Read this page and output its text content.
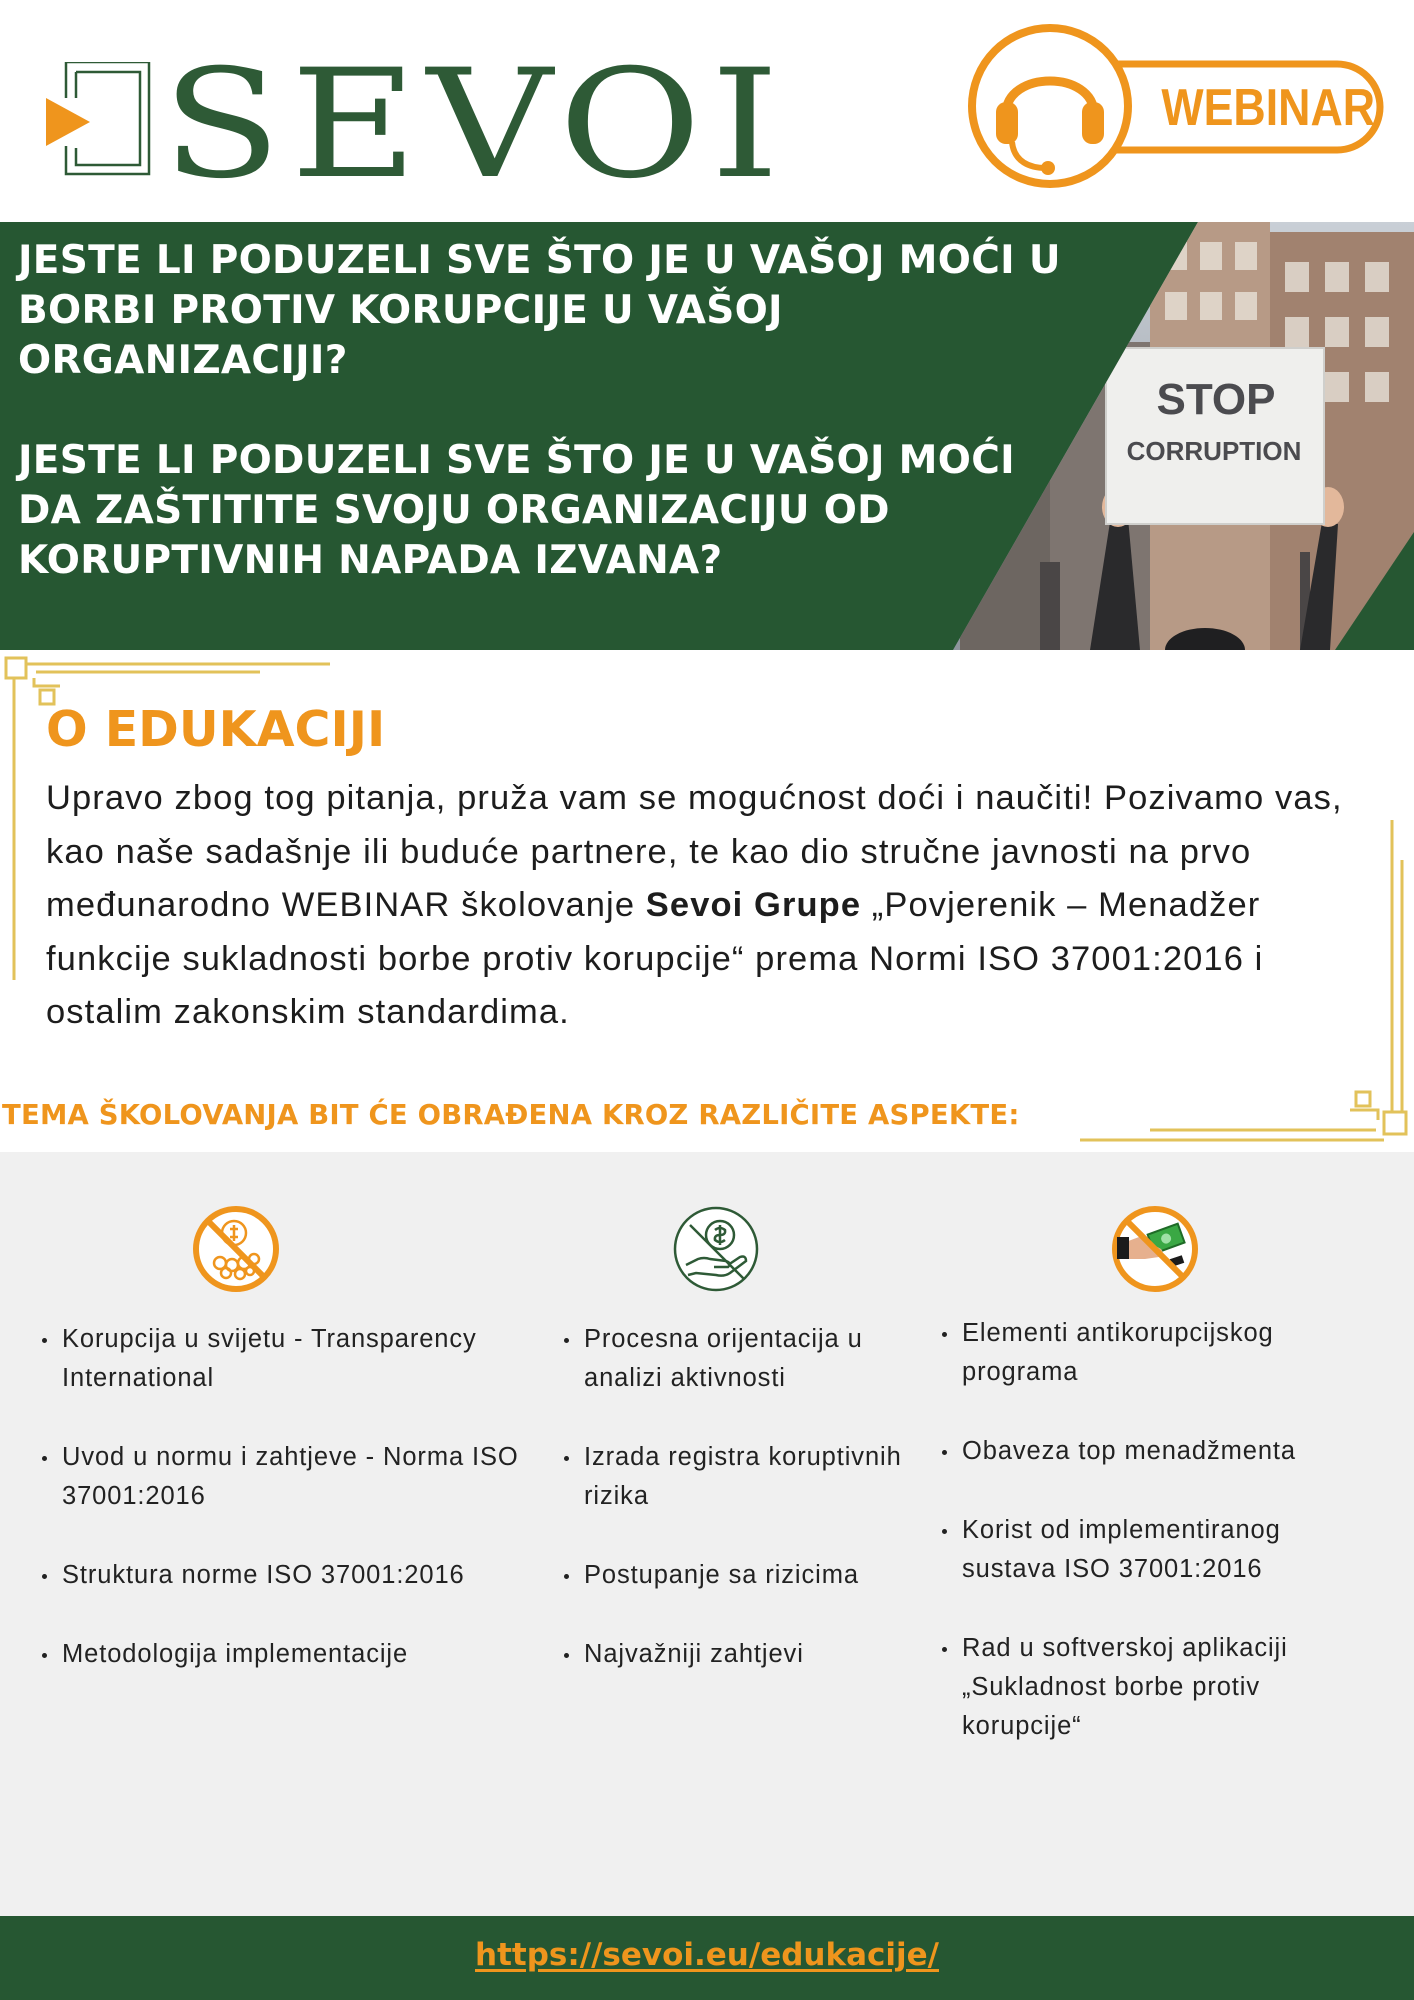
SEVOI	WEBINAR
STOP
CORRUPTION
JESTE LI PODUZELI SVE ŠTO JE U VAŠOJ MOĆI U BORBI PROTIV KORUPCIJE U VAŠOJ ORGANIZACIJI?
JESTE LI PODUZELI SVE ŠTO JE U VAŠOJ MOĆI DA ZAŠTITITE SVOJU ORGANIZACIJU OD KORUPTIVNIH NAPADA IZVANA?
O EDUKACIJI

Upravo zbog tog pitanja, pruža vam se mogućnost doći i naučiti! Pozivamo vas, kao naše sadašnje ili buduće partnere, te kao dio stručne javnosti na prvo međunarodno WEBINAR školovanje Sevoi Grupe „Povjerenik – Menadžer funkcije sukladnosti borbe protiv korupcije“ prema Normi ISO 37001:2016 i ostalim zakonskim standardima.

TEMA ŠKOLOVANJA BIT ĆE OBRAĐENA KROZ RAZLIČITE ASPEKTE:
Korupcija u svijetu - Transparency International
Uvod u normu i zahtjeve - Norma ISO 37001:2016
Struktura norme ISO 37001:2016
Metodologija implementacije
Procesna orijentacija u analizi aktivnosti
Izrada registra koruptivnih rizika
Postupanje sa rizicima
Najvažniji zahtjevi
Elementi antikorupcijskog programa
Obaveza top menadžmenta
Korist od implementiranog sustava ISO 37001:2016
Rad u softverskoj aplikaciji „Sukladnost borbe protiv korupcije“
https://sevoi.eu/edukacije/
